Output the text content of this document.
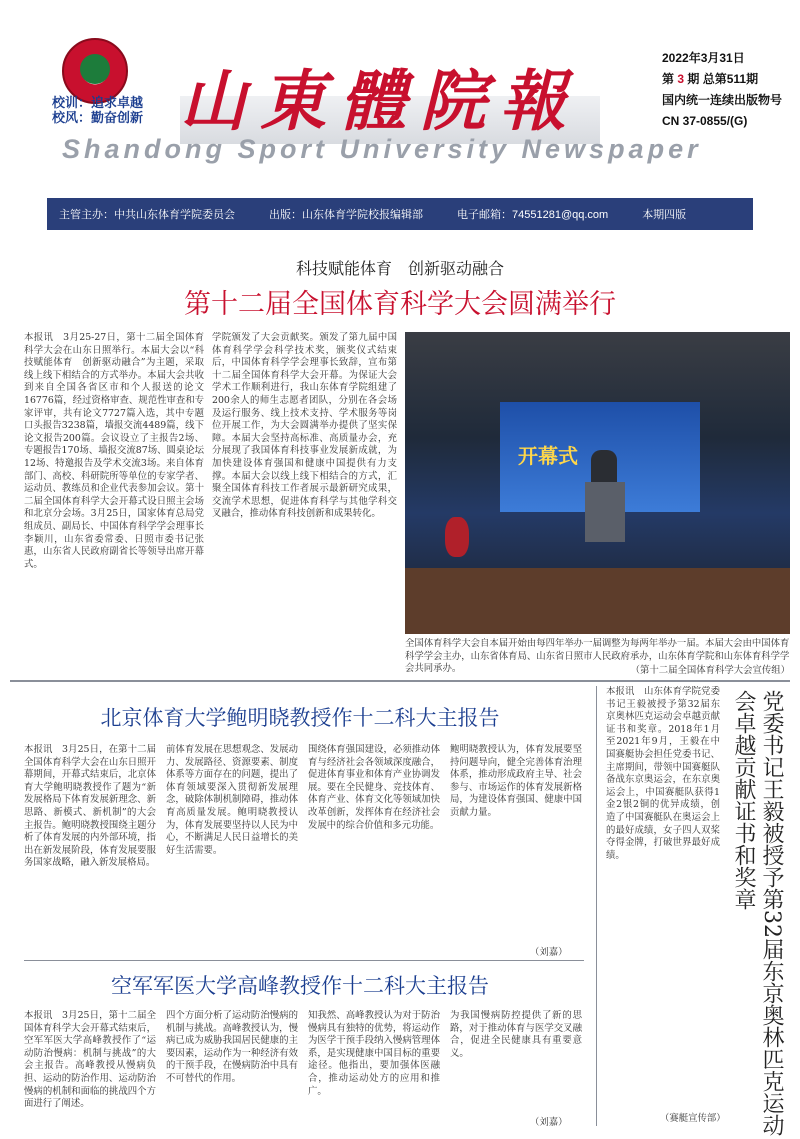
校训：追求卓越
校风：勤奋创新 山東體院報
Shandong Sport University Newspaper
2022年3月31日
第 3 期 总第511期
国内统一连续出版物号
CN 37-0855/(G)
主管主办：中共山东体育学院委员会	出版：山东体育学院校报编辑部	电子邮箱：74551281@qq.com	本期四版
科技赋能体育　创新驱动融合
第十二届全国体育科学大会圆满举行
本报讯　3月25-27日，第十二届全国体育科学大会在山东日照举行。本届大会以“科技赋能体育　创新驱动融合”为主题，采取线上线下相结合的方式举办。本届大会共收到来自全国各省区市和个人报送的论文16776篇，经过资格审查、规范性审查和专家评审，共有论文7727篇入选，其中专题口头报告3238篇，墙报交流4489篇，线下论文报告200篇。会议设立了主报告2场、专题报告170场、墙报交流87场、圆桌论坛12场、特邀报告及学术交流3场。来自体育部门、高校、科研院所等单位的专家学者、运动员、教练员和企业代表参加会议。第十二届全国体育科学大会开幕式设日照主会场和北京分会场。3月25日，国家体育总局党组成员、副局长、中国体育科学学会理事长李颖川，山东省委常委、日照市委书记张惠，山东省人民政府副省长等领导出席开幕式。
学院颁发了大会贡献奖。颁发了第九届中国体育科学学会科学技术奖，颁奖仪式结束后，中国体育科学学会理事长致辞，宣布第十二届全国体育科学大会开幕。为保证大会学术工作顺利进行，我山东体育学院组建了200余人的师生志愿者团队，分别在各会场及运行服务、线上技术支持、学术服务等岗位开展工作，为大会圆满举办提供了坚实保障。本届大会坚持高标准、高质量办会，充分展现了我国体育科技事业发展新成就，为加快建设体育强国和健康中国提供有力支撑。本届大会以线上线下相结合的方式，汇聚全国体育科技工作者展示最新研究成果，交流学术思想，促进体育科学与其他学科交叉融合，推动体育科技创新和成果转化。
开幕式
全国体育科学大会自本届开始由每四年举办一届调整为每两年举办一届。本届大会由中国体育科学学会主办，山东省体育局、山东省日照市人民政府承办，山东体育学院和山东体育科学学会共同承办。	（第十二届全国体育科学大会宣传组）
北京体育大学鲍明晓教授作十二科大主报告
本报讯　3月25日，在第十二届全国体育科学大会在山东日照开幕期间，开幕式结束后，北京体育大学鲍明晓教授作了题为“新发展格局下体育发展新理念、新思路、新模式、新机制”的大会主报告。鲍明晓教授围绕主题分析了体育发展的内外部环境，指出在新发展阶段，体育发展要服务国家战略，融入新发展格局。
前体育发展在思想观念、发展动力、发展路径、资源要素、制度体系等方面存在的问题，提出了体育领域要深入贯彻新发展理念，破除体制机制障碍，推动体育高质量发展。鲍明晓教授认为，体育发展要坚持以人民为中心，不断满足人民日益增长的美好生活需要。
围绕体育强国建设，必须推动体育与经济社会各领域深度融合，促进体育事业和体育产业协调发展。要在全民健身、竞技体育、体育产业、体育文化等领域加快改革创新，发挥体育在经济社会发展中的综合价值和多元功能。
鲍明晓教授认为，体育发展要坚持问题导向，健全完善体育治理体系，推动形成政府主导、社会参与、市场运作的体育发展新格局，为建设体育强国、健康中国贡献力量。
（刘嘉）
空军军医大学高峰教授作十二科大主报告
本报讯　3月25日，第十二届全国体育科学大会开幕式结束后，空军军医大学高峰教授作了“运动防治慢病：机制与挑战”的大会主报告。高峰教授从慢病负担、运动的防治作用、运动防治慢病的机制和面临的挑战四个方面进行了阐述。
四个方面分析了运动防治慢病的机制与挑战。高峰教授认为，慢病已成为威胁我国居民健康的主要因素，运动作为一种经济有效的干预手段，在慢病防治中具有不可替代的作用。
知我然、高峰教授认为对于防治慢病具有独特的优势，将运动作为医学干预手段纳入慢病管理体系，是实现健康中国目标的重要途径。他指出，要加强体医融合，推动运动处方的应用和推广。
为我国慢病防控提供了新的思路，对于推动体育与医学交叉融合，促进全民健康具有重要意义。
（刘嘉）
本报讯　山东体育学院党委书记王毅被授予第32届东京奥林匹克运动会卓越贡献证书和奖章。2018年1月至2021年9月，王毅在中国赛艇协会担任党委书记、主席期间，带领中国赛艇队备战东京奥运会，在东京奥运会上，中国赛艇队获得1金2银2铜的优异成绩，创造了中国赛艇队在奥运会上的最好成绩，女子四人双桨夺得金牌，打破世界最好成绩。	党委书记王毅被授予第32届东京奥林匹克运动会卓越贡献证书和奖章
（赛艇宣传部）
